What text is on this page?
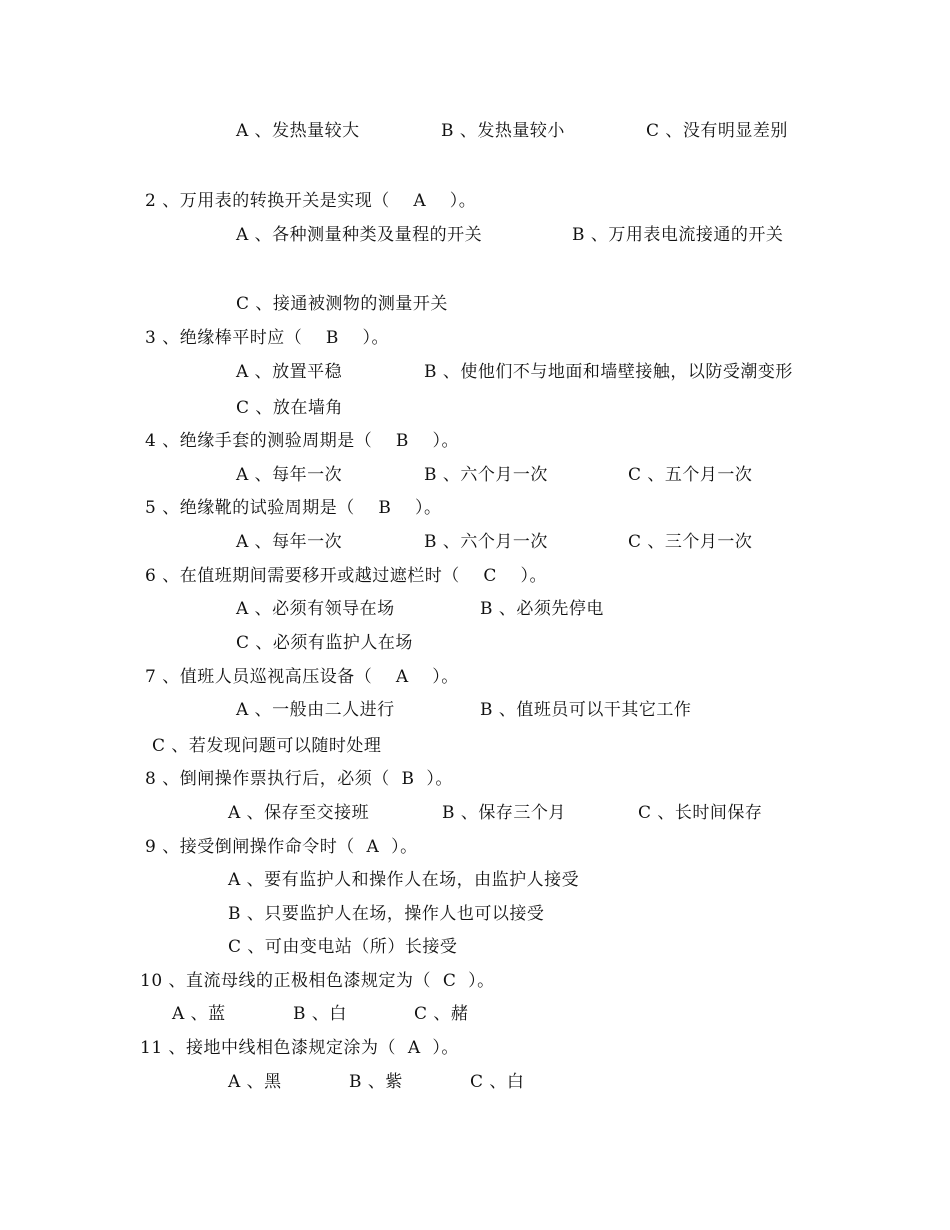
A 、发热量较大	B 、发热量较小	C 、没有明显差别
2 、万用表的转换开关是实现（    A    ）。
A 、各种测量种类及量程的开关	B 、万用表电流接通的开关
C 、接通被测物的测量开关
3 、绝缘棒平时应（    B    ）。
A 、放置平稳	B 、使他们不与地面和墙壁接触，以防受潮变形
C 、放在墙角
4 、绝缘手套的测验周期是（    B    ）。
A 、每年一次	B 、六个月一次	C 、五个月一次
5 、绝缘靴的试验周期是（    B    ）。
A 、每年一次	B 、六个月一次	C 、三个月一次
6 、在值班期间需要移开或越过遮栏时（    C    ）。
A 、必须有领导在场	B 、必须先停电
C 、必须有监护人在场
7 、值班人员巡视高压设备（    A    ）。
A 、一般由二人进行	B 、值班员可以干其它工作
C 、若发现问题可以随时处理
8 、倒闸操作票执行后，必须（  B  ）。
A 、保存至交接班	B 、保存三个月	C 、长时间保存
9 、接受倒闸操作命令时（  A  ）。
A 、要有监护人和操作人在场，由监护人接受
B 、只要监护人在场，操作人也可以接受
C 、可由变电站（所）长接受
10 、直流母线的正极相色漆规定为（  C  ）。
A 、蓝	B 、白	C 、赭
11 、接地中线相色漆规定涂为（  A  ）。
A 、黑	B 、紫	C 、白
